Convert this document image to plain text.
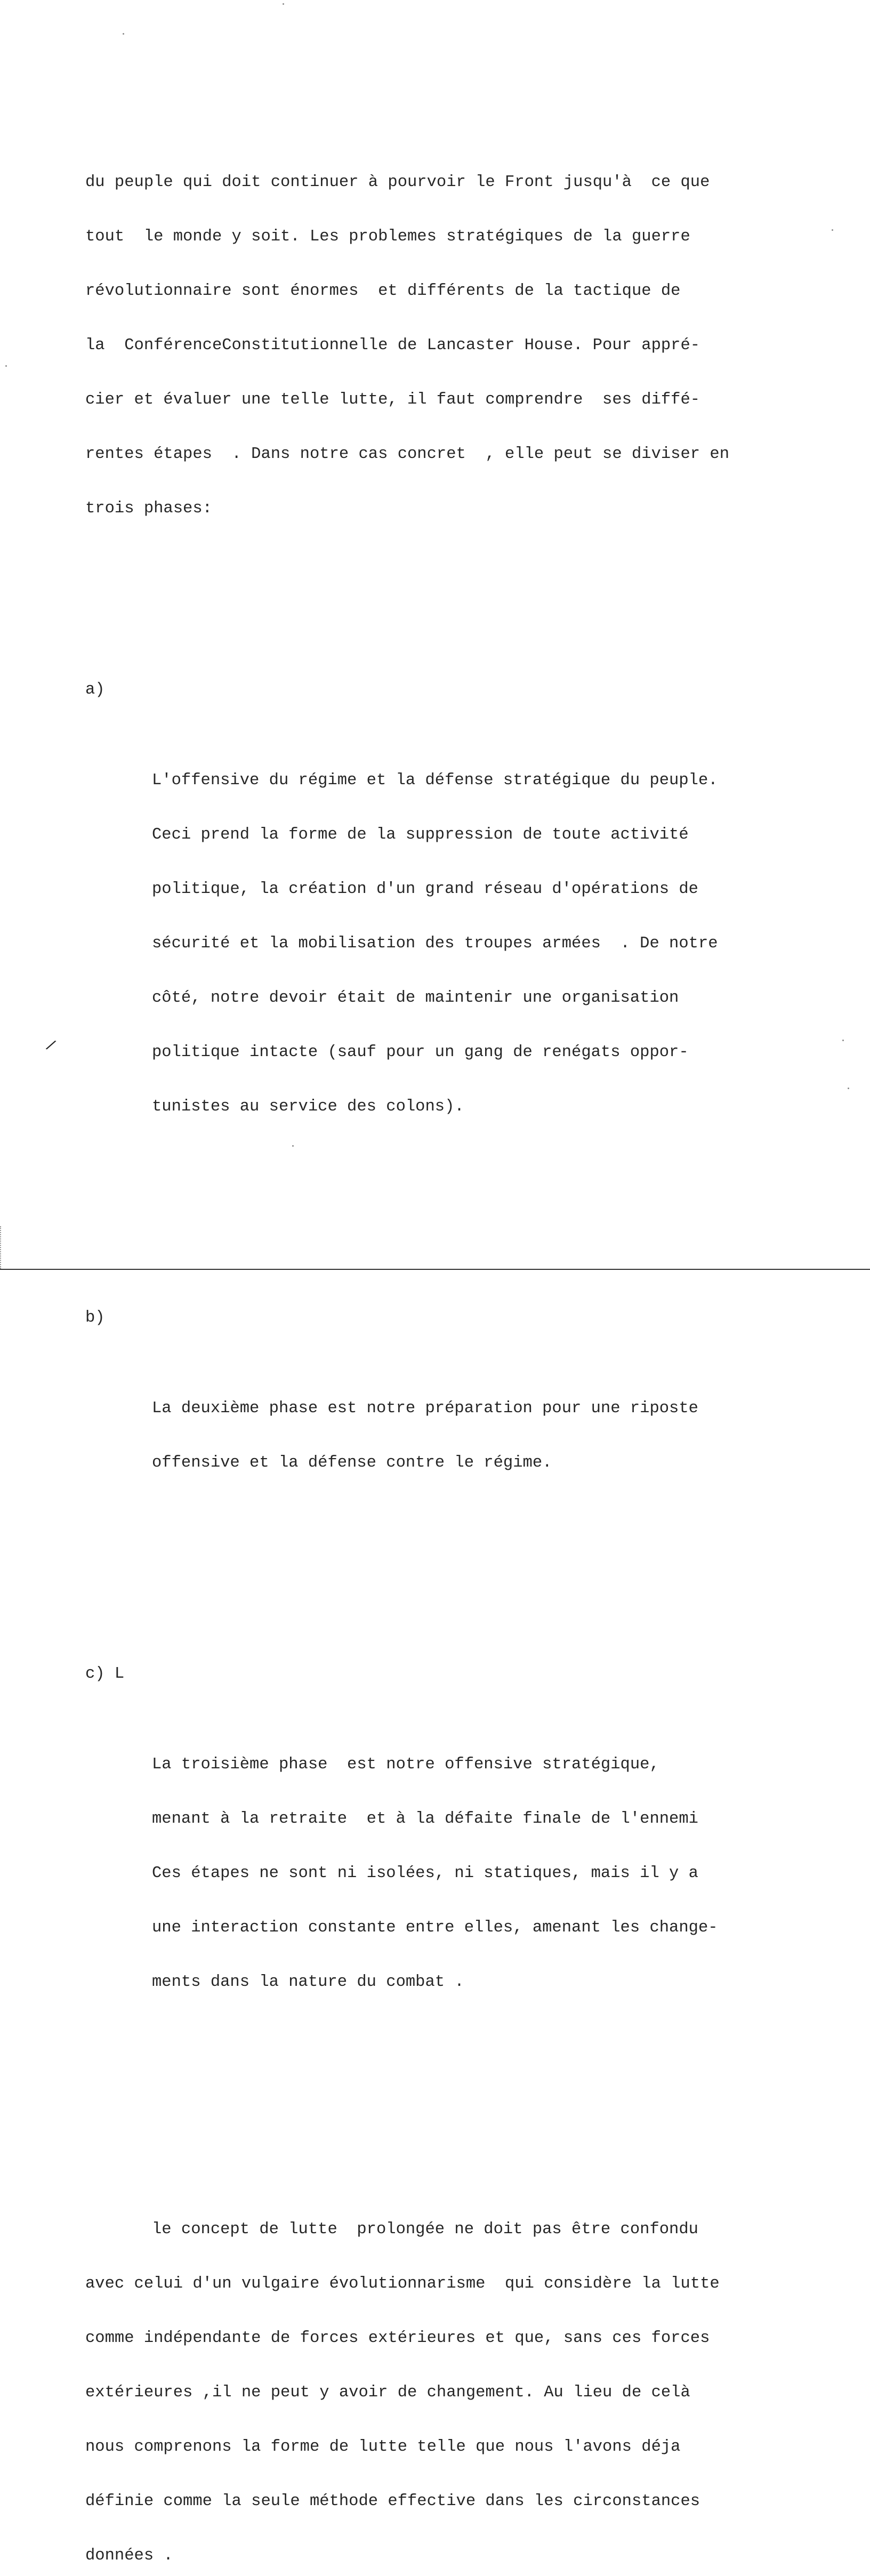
/

du peuple qui doit continuer à pourvoir le Front jusqu'à  ce que

tout  le monde y soit. Les problemes stratégiques de la guerre

révolutionnaire sont énormes  et différents de la tactique de

la  ConférenceConstitutionnelle de Lancaster House. Pour appré-

cier et évaluer une telle lutte, il faut comprendre  ses diffé-

rentes étapes  . Dans notre cas concret  , elle peut se diviser en

trois phases:

a)

L'offensive du régime et la défense stratégique du peuple.

Ceci prend la forme de la suppression de toute activité

politique, la création d'un grand réseau d'opérations de

sécurité et la mobilisation des troupes armées  . De notre

côté, notre devoir était de maintenir une organisation

politique intacte (sauf pour un gang de renégats oppor-

tunistes au service des colons).

b)

La deuxième phase est notre préparation pour une riposte

offensive et la défense contre le régime.

c) L

La troisième phase  est notre offensive stratégique,

menant à la retraite  et à la défaite finale de l'ennemi

Ces étapes ne sont ni isolées, ni statiques, mais il y a

une interaction constante entre elles, amenant les change-

ments dans la nature du combat .

le concept de lutte  prolongée ne doit pas être confondu

avec celui d'un vulgaire évolutionnarisme  qui considère la lutte

comme indépendante de forces extérieures et que, sans ces forces

extérieures ,il ne peut y avoir de changement. Au lieu de celà

nous comprenons la forme de lutte telle que nous l'avons déja

définie comme la seule méthode effective dans les circonstances

données .
